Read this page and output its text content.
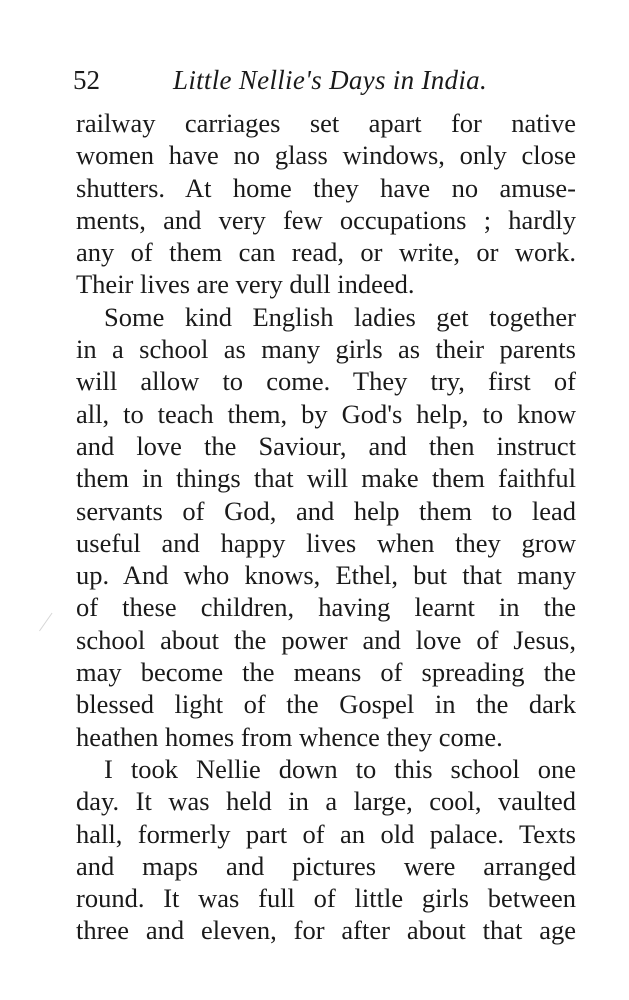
52	Little Nellie's Days in India.
railway carriages set apart for native
women have no glass windows, only close
shutters. At home they have no amuse-
ments, and very few occupations ; hardly
any of them can read, or write, or work.
Their lives are very dull indeed.
Some kind English ladies get together
in a school as many girls as their parents
will allow to come. They try, first of
all, to teach them, by God's help, to know
and love the Saviour, and then instruct
them in things that will make them faithful
servants of God, and help them to lead
useful and happy lives when they grow
up. And who knows, Ethel, but that many
of these children, having learnt in the
school about the power and love of Jesus,
may become the means of spreading the
blessed light of the Gospel in the dark
heathen homes from whence they come.
I took Nellie down to this school one
day. It was held in a large, cool, vaulted
hall, formerly part of an old palace. Texts
and maps and pictures were arranged
round. It was full of little girls between
three and eleven, for after about that age
